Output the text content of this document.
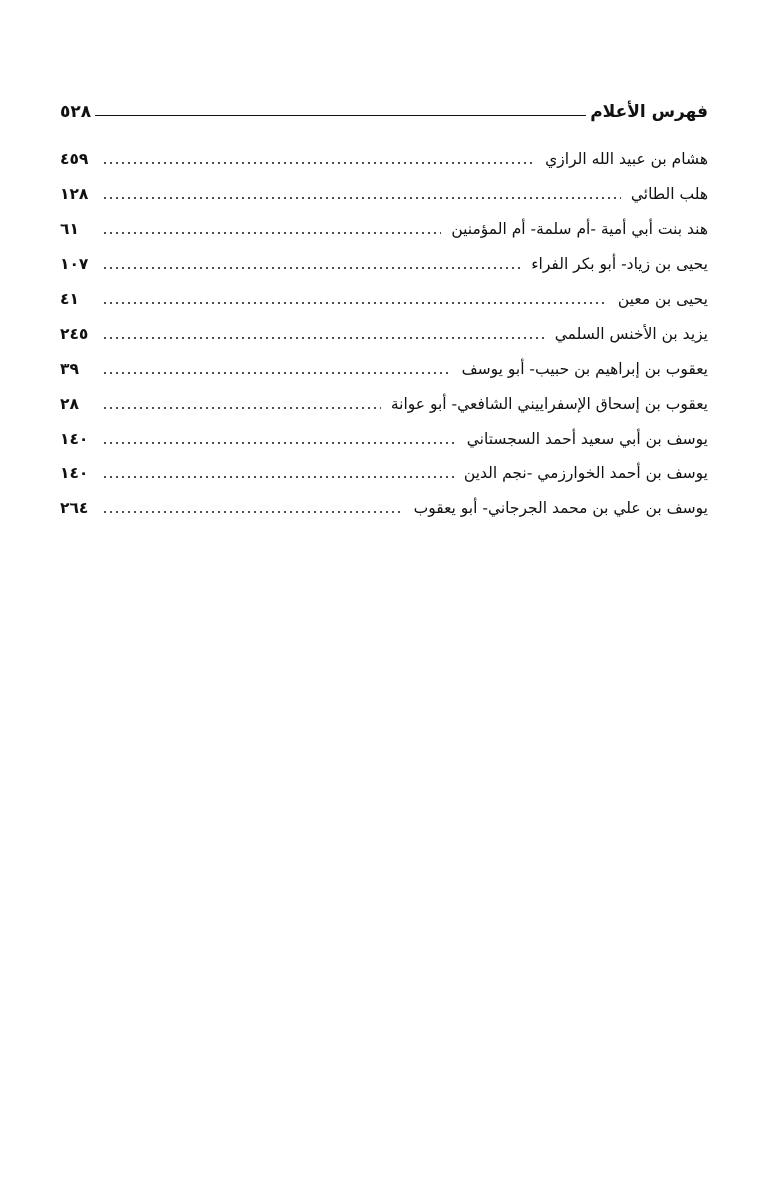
فهرس الأعلام
٥٢٨
هشام بن عبيد الله الرازي
٤٥٩
هلب الطائي
١٢٨
هند بنت أبي أمية -أم سلمة- أم المؤمنين
٦١
يحيى بن زياد- أبو بكر الفراء
١٠٧
يحيى بن معين
٤١
يزيد بن الأخنس السلمي
٢٤٥
يعقوب بن إبراهيم بن حبيب- أبو يوسف
٣٩
يعقوب بن إسحاق الإسفراييني الشافعي- أبو عوانة
٢٨
يوسف بن أبي سعيد أحمد السجستاني
١٤٠
يوسف بن أحمد الخوارزمي -نجم الدين
١٤٠
يوسف بن علي بن محمد الجرجاني- أبو يعقوب
٢٦٤
